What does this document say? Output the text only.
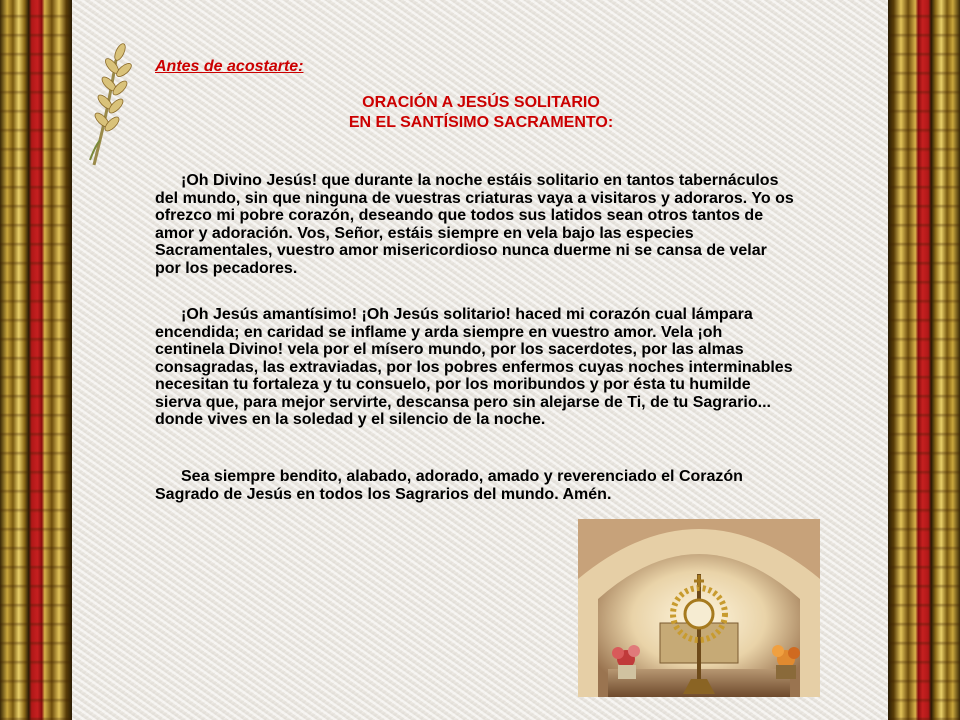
Antes de acostarte:
ORACIÓN A JESÚS SOLITARIO
EN EL SANTÍSIMO SACRAMENTO:

¡Oh Divino Jesús! que durante la noche estáis solitario en tantos tabernáculos del mundo, sin que ninguna de vuestras criaturas vaya a visitaros y adoraros. Yo os ofrezco mi pobre corazón, deseando que todos sus latidos sean otros tantos de amor y adoración. Vos, Señor, estáis siempre en vela bajo las especies Sacramentales, vuestro amor misericordioso nunca duerme ni se cansa de velar por los pecadores.

¡Oh Jesús amantísimo! ¡Oh Jesús solitario! haced mi corazón cual lámpara encendida; en caridad se inflame y arda siempre en vuestro amor. Vela ¡oh centinela Divino! vela por el mísero mundo, por los sacerdotes, por las almas consagradas, las extraviadas, por los pobres enfermos cuyas noches interminables necesitan tu fortaleza y tu consuelo, por los moribundos y por ésta tu humilde sierva que, para mejor servirte, descansa pero sin alejarse de Ti, de tu Sagrario... donde vives en la soledad y el silencio de la noche.

Sea siempre bendito, alabado, adorado, amado y reverenciado el Corazón Sagrado de Jesús en todos los Sagrarios del mundo. Amén.
